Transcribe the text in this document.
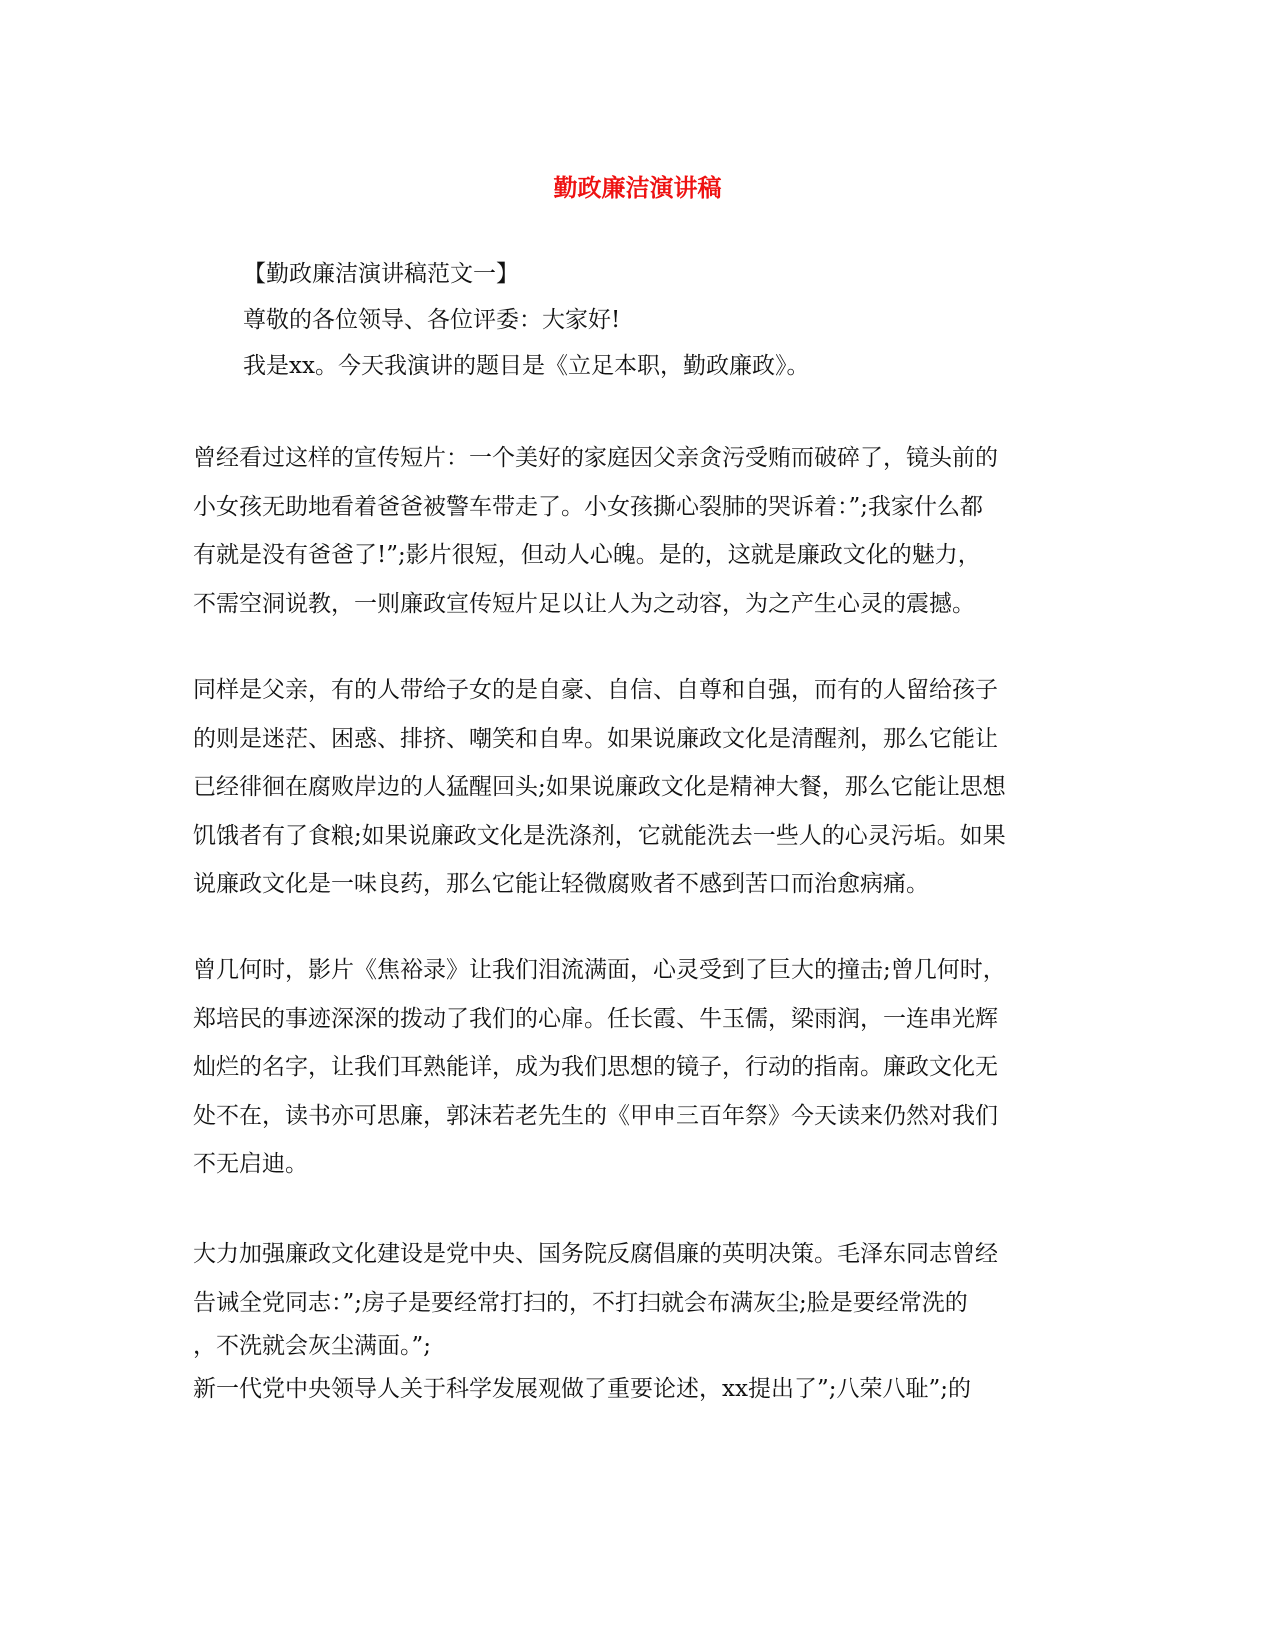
勤政廉洁演讲稿
【勤政廉洁演讲稿范文一】
尊敬的各位领导、各位评委：大家好!
我是xx。今天我演讲的题目是《立足本职，勤政廉政》。
曾经看过这样的宣传短片：一个美好的家庭因父亲贪污受贿而破碎了，镜头前的
小女孩无助地看着爸爸被警车带走了。小女孩撕心裂肺的哭诉着：”;我家什么都
有就是没有爸爸了!”;影片很短，但动人心魄。是的，这就是廉政文化的魅力，
不需空洞说教，一则廉政宣传短片足以让人为之动容，为之产生心灵的震撼。
同样是父亲，有的人带给子女的是自豪、自信、自尊和自强，而有的人留给孩子
的则是迷茫、困惑、排挤、嘲笑和自卑。如果说廉政文化是清醒剂，那么它能让
已经徘徊在腐败岸边的人猛醒回头;如果说廉政文化是精神大餐，那么它能让思想
饥饿者有了食粮;如果说廉政文化是洗涤剂，它就能洗去一些人的心灵污垢。如果
说廉政文化是一味良药，那么它能让轻微腐败者不感到苦口而治愈病痛。
曾几何时，影片《焦裕录》让我们泪流满面，心灵受到了巨大的撞击;曾几何时，
郑培民的事迹深深的拨动了我们的心扉。任长霞、牛玉儒，梁雨润，一连串光辉
灿烂的名字，让我们耳熟能详，成为我们思想的镜子，行动的指南。廉政文化无
处不在，读书亦可思廉，郭沫若老先生的《甲申三百年祭》今天读来仍然对我们
不无启迪。
大力加强廉政文化建设是党中央、国务院反腐倡廉的英明决策。毛泽东同志曾经
告诫全党同志：”;房子是要经常打扫的，不打扫就会布满灰尘;脸是要经常洗的
，不洗就会灰尘满面。”;
新一代党中央领导人关于科学发展观做了重要论述，xx提出了”;八荣八耻”;的
